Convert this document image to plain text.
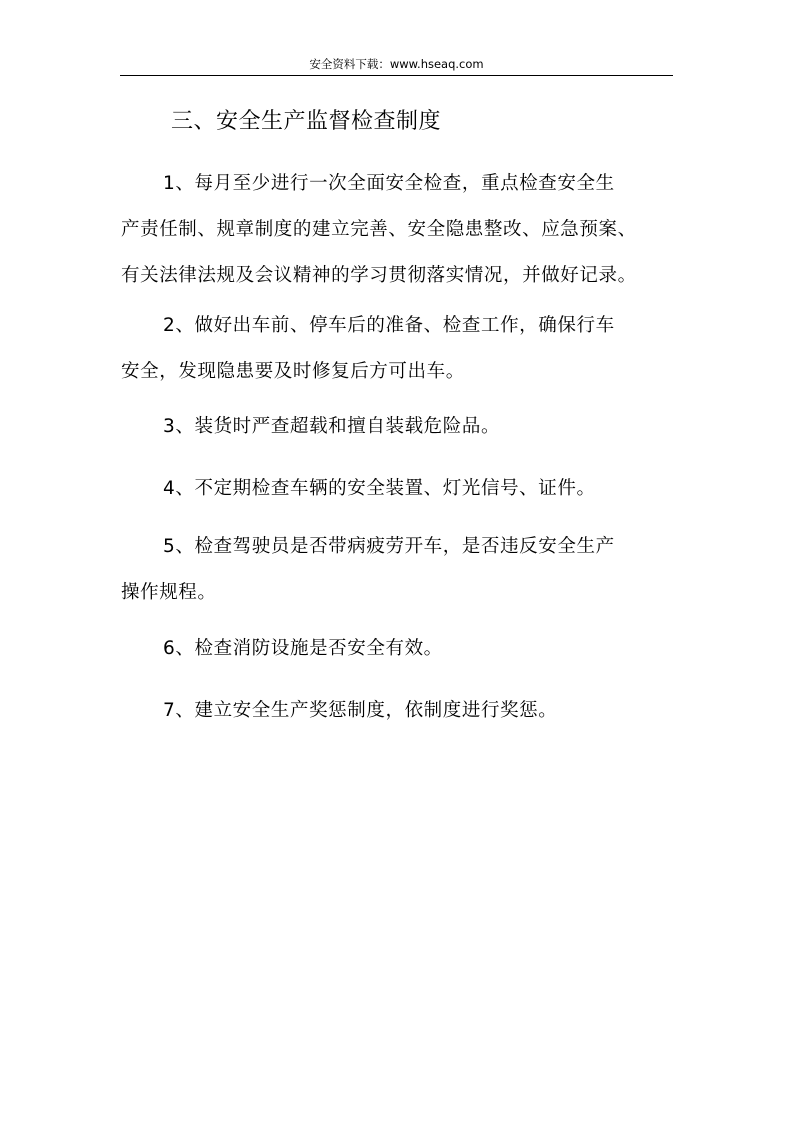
安全资料下载：www.hseaq.com
三、安全生产监督检查制度
1、每月至少进行一次全面安全检查，重点检查安全生
产责任制、规章制度的建立完善、安全隐患整改、应急预案、
有关法律法规及会议精神的学习贯彻落实情况，并做好记录。
2、做好出车前、停车后的准备、检查工作，确保行车
安全，发现隐患要及时修复后方可出车。
3、装货时严查超载和擅自装载危险品。
4、不定期检查车辆的安全装置、灯光信号、证件。
5、检查驾驶员是否带病疲劳开车，是否违反安全生产
操作规程。
6、检查消防设施是否安全有效。
7、建立安全生产奖惩制度，依制度进行奖惩。
